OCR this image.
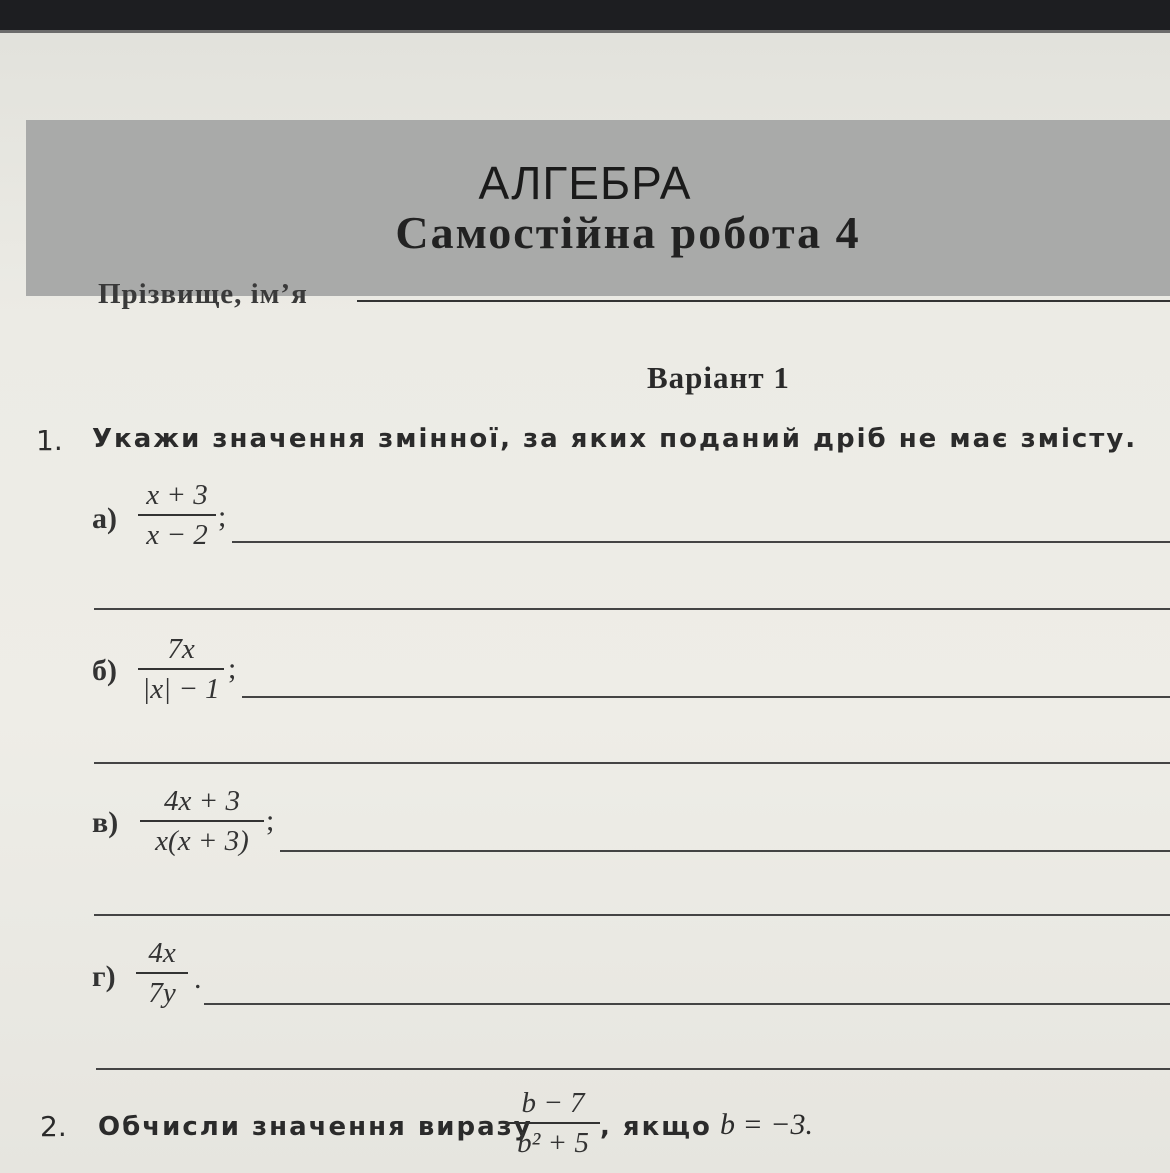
АЛГЕБРА
Самостійна робота 4
Прізвище, ім’я
Варіант 1
1. Укажи значення змінної, за яких поданий дріб не має змісту.
а)
x + 3
x − 2
;
б)
7x
|x| − 1
;
в)
4x + 3
x(x + 3)
;
г)
4x
7y .
2. Обчисли значення виразу
b − 7
b² + 5 , якщо b = −3.
